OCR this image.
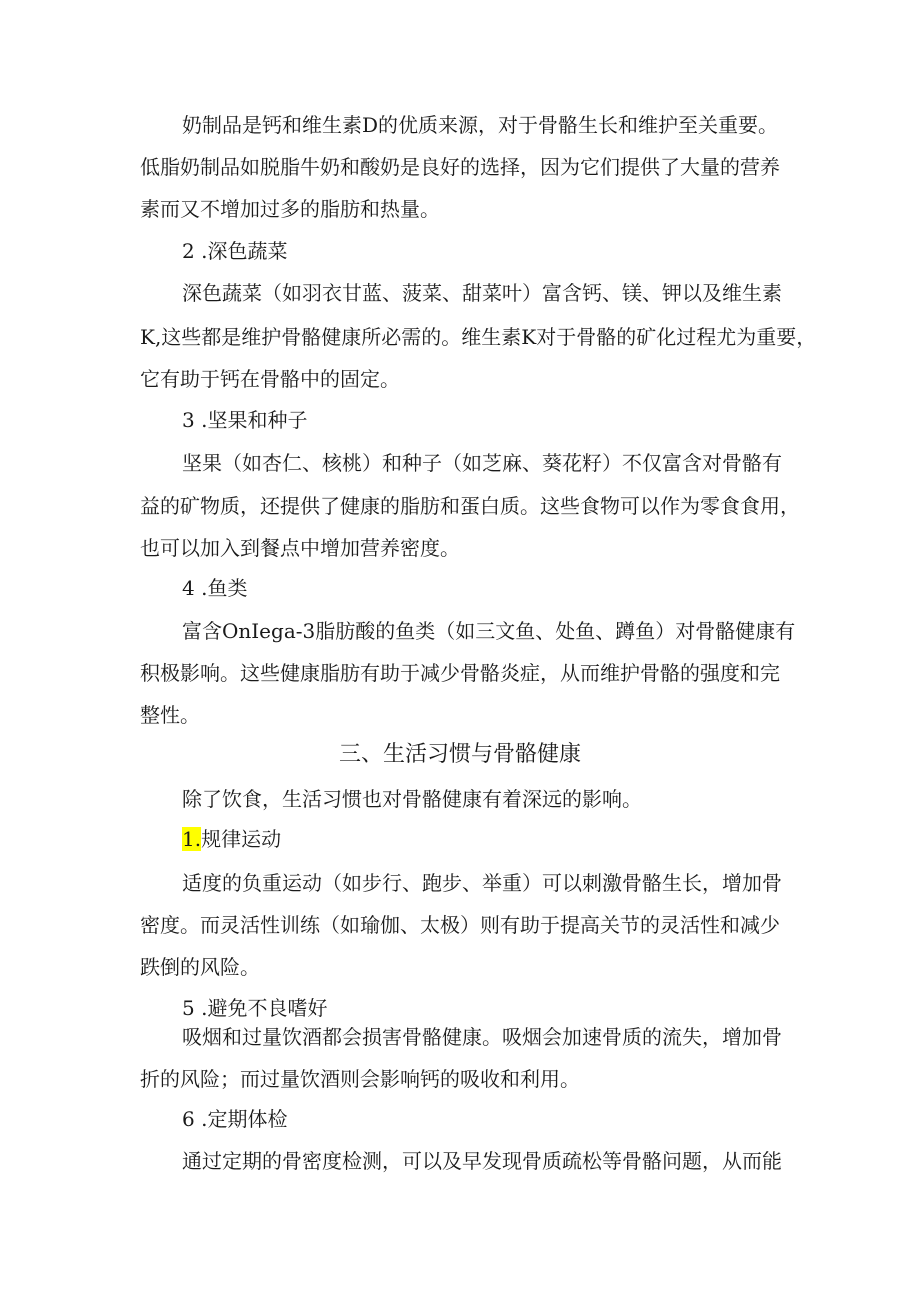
奶制品是钙和维生素D的优质来源，对于骨骼生长和维护至关重要。
低脂奶制品如脱脂牛奶和酸奶是良好的选择，因为它们提供了大量的营养
素而又不增加过多的脂肪和热量。
2 .深色蔬菜
深色蔬菜（如羽衣甘蓝、菠菜、甜菜叶）富含钙、镁、钾以及维生素
K,这些都是维护骨骼健康所必需的。维生素K对于骨骼的矿化过程尤为重要，
它有助于钙在骨骼中的固定。
3 .坚果和种子
坚果（如杏仁、核桃）和种子（如芝麻、葵花籽）不仅富含对骨骼有
益的矿物质，还提供了健康的脂肪和蛋白质。这些食物可以作为零食食用，
也可以加入到餐点中增加营养密度。
4 .鱼类
富含OnIega-3脂肪酸的鱼类（如三文鱼、处鱼、蹲鱼）对骨骼健康有
积极影响。这些健康脂肪有助于减少骨骼炎症，从而维护骨骼的强度和完
整性。
三、生活习惯与骨骼健康
除了饮食，生活习惯也对骨骼健康有着深远的影响。
1.规律运动
适度的负重运动（如步行、跑步、举重）可以刺激骨骼生长，增加骨
密度。而灵活性训练（如瑜伽、太极）则有助于提高关节的灵活性和减少
跌倒的风险。
5 .避免不良嗜好
吸烟和过量饮酒都会损害骨骼健康。吸烟会加速骨质的流失，增加骨
折的风险；而过量饮酒则会影响钙的吸收和利用。
6 .定期体检
通过定期的骨密度检测，可以及早发现骨质疏松等骨骼问题，从而能
